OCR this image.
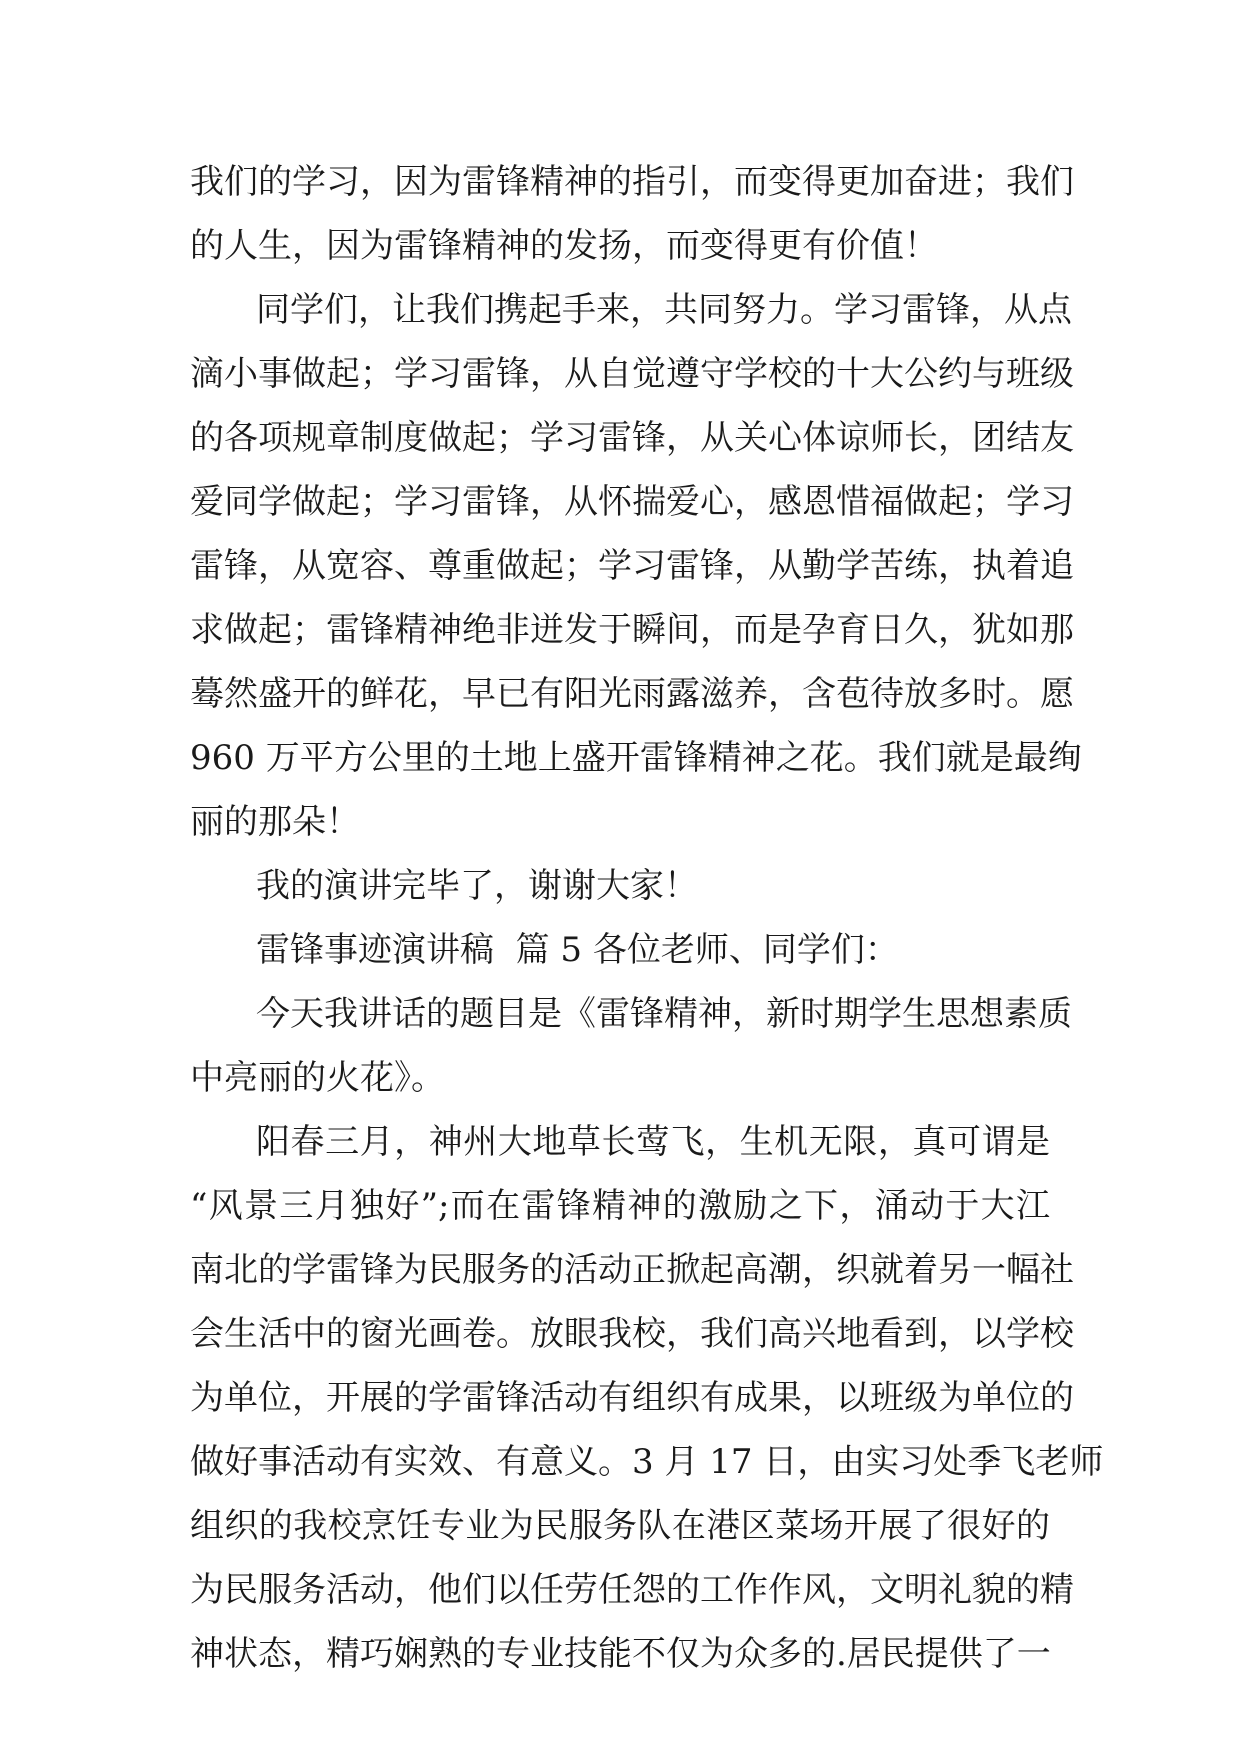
我们的学习，因为雷锋精神的指引，而变得更加奋进；我们
的人生，因为雷锋精神的发扬，而变得更有价值！
同学们，让我们携起手来，共同努力。学习雷锋，从点
滴小事做起；学习雷锋，从自觉遵守学校的十大公约与班级
的各项规章制度做起；学习雷锋，从关心体谅师长，团结友
爱同学做起；学习雷锋，从怀揣爱心，感恩惜福做起；学习
雷锋，从宽容、尊重做起；学习雷锋，从勤学苦练，执着追
求做起；雷锋精神绝非迸发于瞬间，而是孕育日久，犹如那
蓦然盛开的鲜花，早已有阳光雨露滋养，含苞待放多时。愿
960 万平方公里的土地上盛开雷锋精神之花。我们就是最绚
丽的那朵！
我的演讲完毕了，谢谢大家！
雷锋事迹演讲稿  篇 5 各位老师、同学们：
今天我讲话的题目是《雷锋精神，新时期学生思想素质
中亮丽的火花》。
阳春三月，神州大地草长莺飞，生机无限，真可谓是
“风景三月独好”;而在雷锋精神的激励之下，涌动于大江
南北的学雷锋为民服务的活动正掀起高潮，织就着另一幅社
会生活中的窗光画卷。放眼我校，我们高兴地看到，以学校
为单位，开展的学雷锋活动有组织有成果，以班级为单位的
做好事活动有实效、有意义。3 月 17 日，由实习处季飞老师
组织的我校烹饪专业为民服务队在港区菜场开展了很好的
为民服务活动，他们以任劳任怨的工作作风，文明礼貌的精
神状态，精巧娴熟的专业技能不仅为众多的.居民提供了一
